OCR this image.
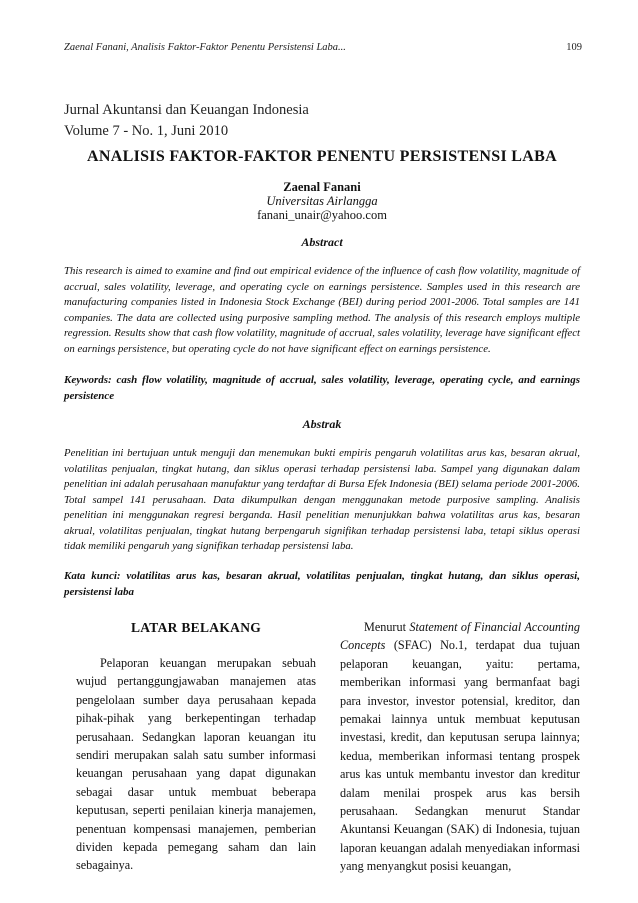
Zaenal Fanani, Analisis Faktor-Faktor Penentu Persistensi Laba...	109
Jurnal Akuntansi dan Keuangan Indonesia
Volume 7 - No. 1, Juni 2010
ANALISIS FAKTOR-FAKTOR PENENTU PERSISTENSI LABA
Zaenal Fanani
Universitas Airlangga
fanani_unair@yahoo.com
Abstract

This research is aimed to examine and find out empirical evidence of the influence of cash flow volatility, magnitude of accrual, sales volatility, leverage, and operating cycle on earnings persistence. Samples used in this research are manufacturing companies listed in Indonesia Stock Exchange (BEI) during period 2001-2006. Total samples are 141 companies. The data are collected using purposive sampling method. The analysis of this research employs multiple regression. Results show that cash flow volatility, magnitude of accrual, sales volatility, leverage have significant effect on earnings persistence, but operating cycle do not have significant effect on earnings persistence.

Keywords: cash flow volatility, magnitude of accrual, sales volatility, leverage, operating cycle, and earnings persistence

Abstrak

Penelitian ini bertujuan untuk menguji dan menemukan bukti empiris pengaruh volatilitas arus kas, besaran akrual, volatilitas penjualan, tingkat hutang, dan siklus operasi terhadap persistensi laba. Sampel yang digunakan dalam penelitian ini adalah perusahaan manufaktur yang terdaftar di Bursa Efek Indonesia (BEI) selama periode 2001-2006. Total sampel 141 perusahaan. Data dikumpulkan dengan menggunakan metode purposive sampling. Analisis penelitian ini menggunakan regresi berganda. Hasil penelitian menunjukkan bahwa volatilitas arus kas, besaran akrual, volatilitas penjualan, tingkat hutang berpengaruh signifikan terhadap persistensi laba, tetapi siklus operasi tidak memiliki pengaruh yang signifikan terhadap persistensi laba.

Kata kunci: volatilitas arus kas, besaran akrual, volatilitas penjualan, tingkat hutang, dan siklus operasi, persistensi laba

LATAR BELAKANG

Pelaporan keuangan merupakan sebuah wujud pertanggungjawaban manajemen atas pengelolaan sumber daya perusahaan kepada pihak-pihak yang berkepentingan terhadap perusahaan. Sedangkan laporan keuangan itu sendiri merupakan salah satu sumber informasi keuangan perusahaan yang dapat digunakan sebagai dasar untuk membuat beberapa keputusan, seperti penilaian kinerja manajemen, penentuan kompensasi manajemen, pemberian dividen kepada pemegang saham dan lain sebagainya.

Menurut Statement of Financial Accounting Concepts (SFAC) No.1, terdapat dua tujuan pelaporan keuangan, yaitu: pertama, memberikan informasi yang bermanfaat bagi para investor, investor potensial, kreditor, dan pemakai lainnya untuk membuat keputusan investasi, kredit, dan keputusan serupa lainnya; kedua, memberikan informasi tentang prospek arus kas untuk membantu investor dan kreditur dalam menilai prospek arus kas bersih perusahaan. Sedangkan menurut Standar Akuntansi Keuangan (SAK) di Indonesia, tujuan laporan keuangan adalah menyediakan informasi yang menyangkut posisi keuangan,
